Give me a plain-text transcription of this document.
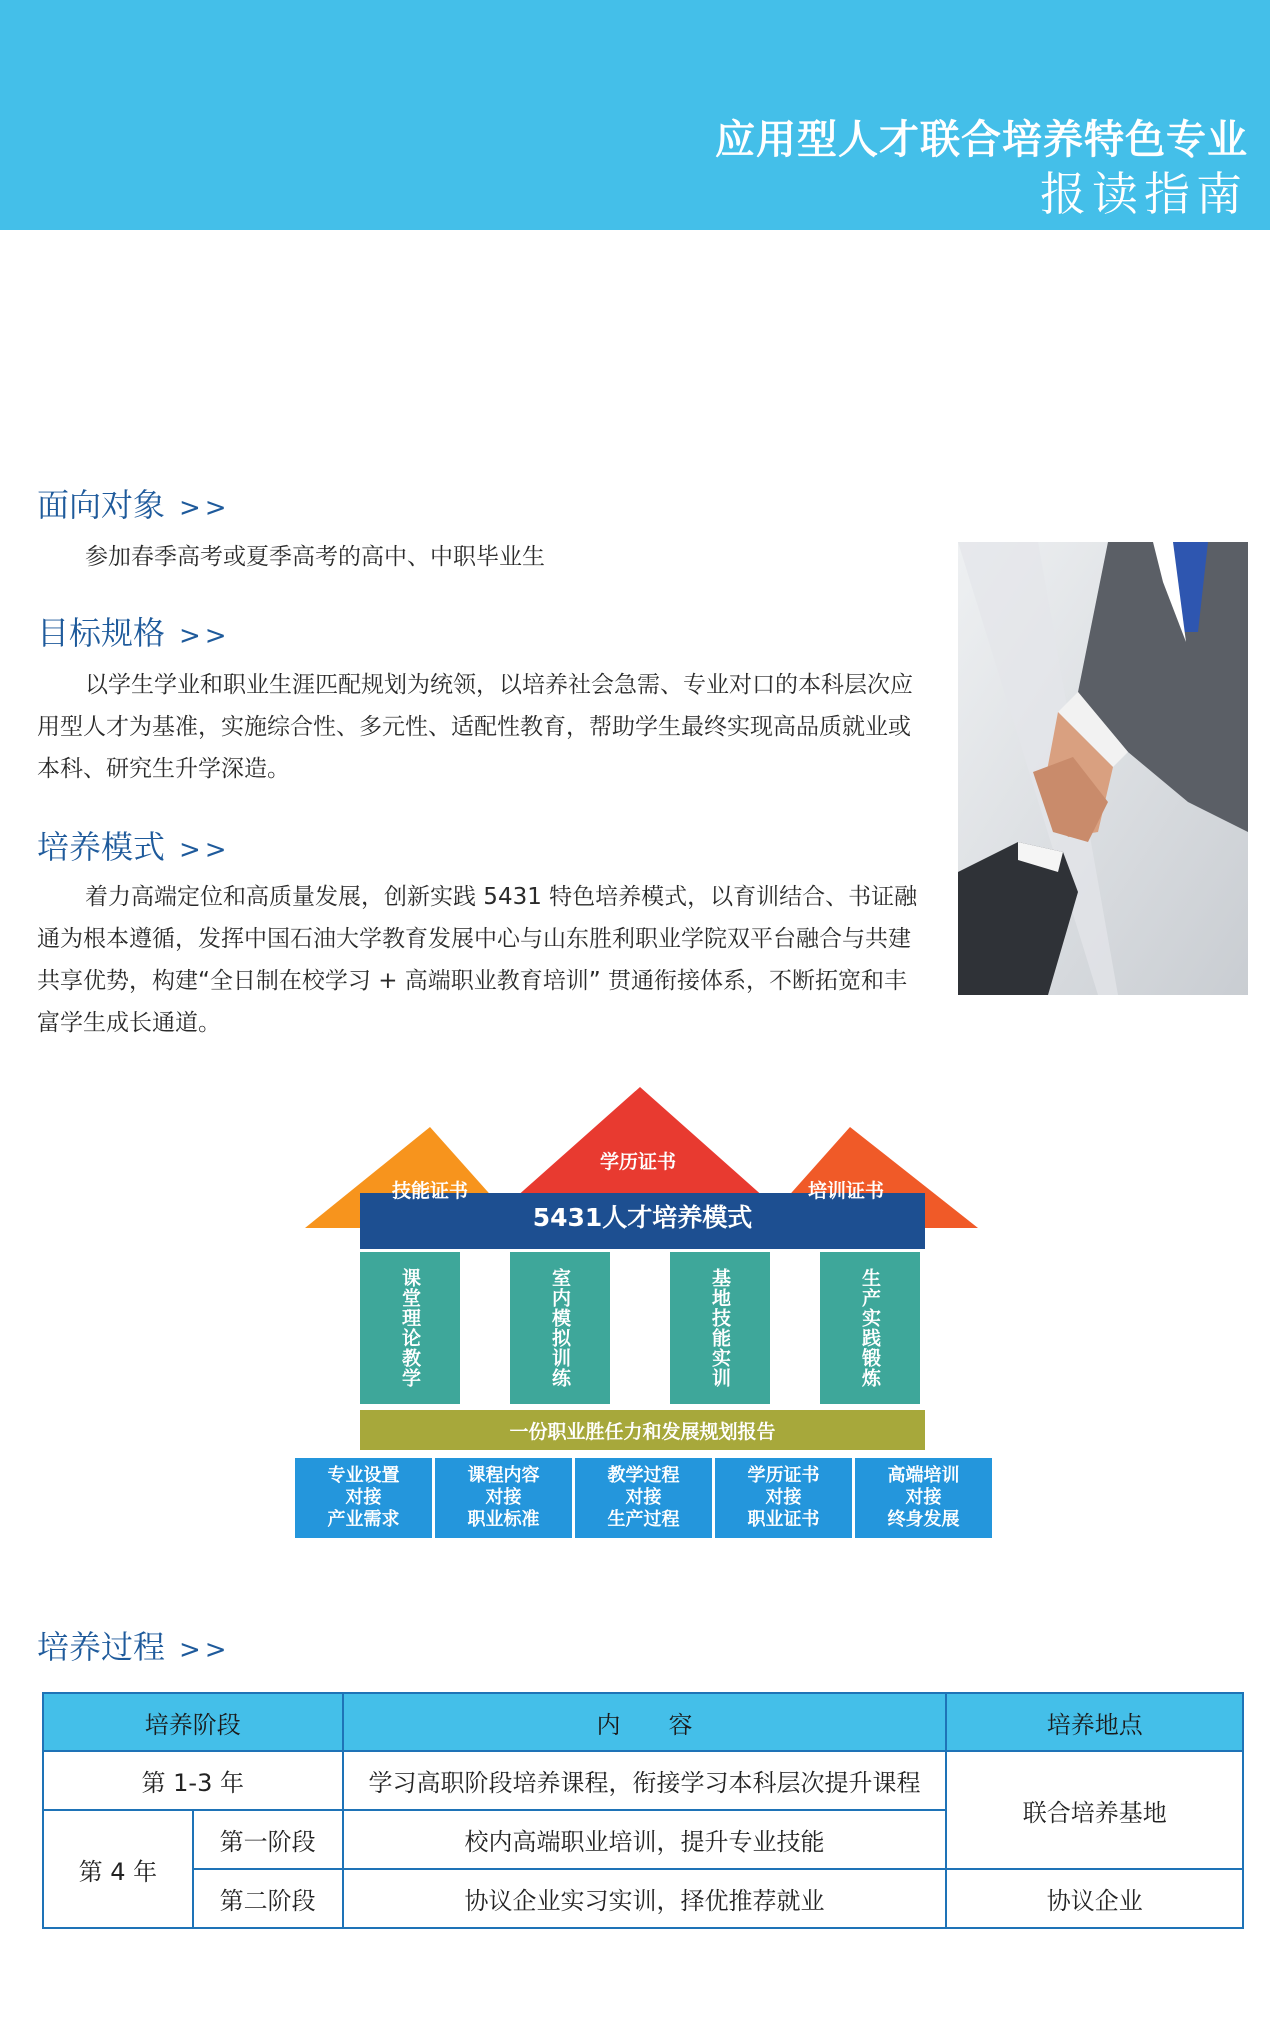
应用型人才联合培养特色专业
报读指南
面向对象 >>
参加春季高考或夏季高考的高中、中职毕业生
目标规格 >>
以学生学业和职业生涯匹配规划为统领，以培养社会急需、专业对口的本科层次应用型人才为基准，实施综合性、多元性、适配性教育，帮助学生最终实现高品质就业或本科、研究生升学深造。
培养模式 >>
着力高端定位和高质量发展，创新实践 5431 特色培养模式，以育训结合、书证融通为根本遵循，发挥中国石油大学教育发展中心与山东胜利职业学院双平台融合与共建共享优势，构建“全日制在校学习 + 高端职业教育培训” 贯通衔接体系，不断拓宽和丰富学生成长通道。
技能证书
学历证书
培训证书
5431人才培养模式
课堂理论教学	室内模拟训练	基地技能实训	生产实践锻炼
一份职业胜任力和发展规划报告
专业设置
对接
产业需求
课程内容
对接
职业标准
教学过程
对接
生产过程
学历证书
对接
职业证书
高端培训
对接
终身发展
培养过程 >>
培养阶段		内　　容	培养地点
第 1-3 年		学习高职阶段培养课程，衔接学习本科层次提升课程	联合培养基地
第 4 年	第一阶段	校内高端职业培训，提升专业技能	
	第二阶段	协议企业实习实训，择优推荐就业	协议企业
